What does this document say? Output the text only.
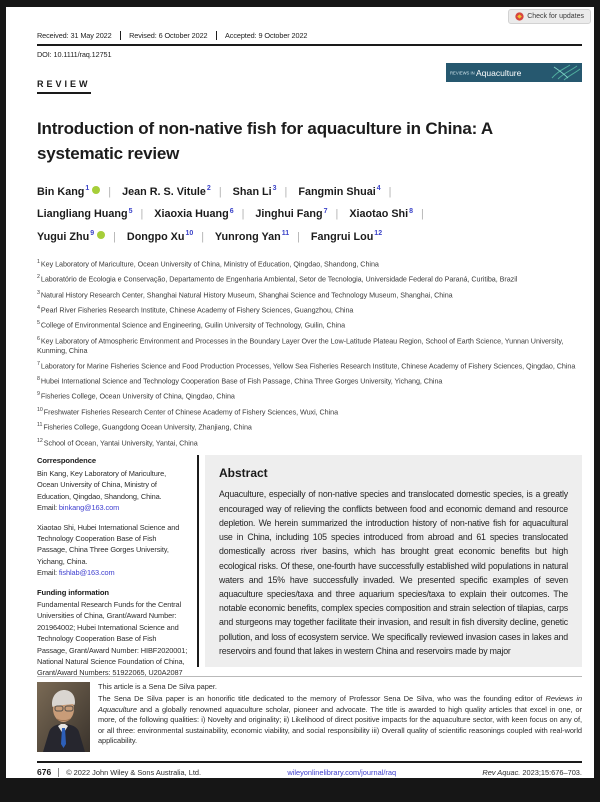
Check for updates
Received: 31 May 2022 Revised: 6 October 2022 Accepted: 9 October 2022
DOI: 10.1111/raq.12751
REVIEW
REVIEWS IN Aquaculture
Introduction of non-native fish for aquaculture in China: A systematic review
Bin Kang$^1$ | Jean R. S. Vitule$^2$ | Shan Li$^3$ | Fangmin Shuai$^4$ |
Liangliang Huang$^5$ | Xiaoxia Huang$^6$ | Jinghui Fang$^7$ | Xiaotao Shi$^8$ |
Yugui Zhu$^9$ | Dongpo Xu$^{10}$ | Yunrong Yan$^{11}$ | Fangrui Lou$^{12}$
$^1$Key Laboratory of Mariculture, Ocean University of China, Ministry of Education, Qingdao, Shandong, China
$^2$Laboratório de Ecologia e Conservação, Departamento de Engenharia Ambiental, Setor de Tecnologia, Universidade Federal do Paraná, Curitiba, Brazil
$^3$Natural History Research Center, Shanghai Natural History Museum, Shanghai Science and Technology Museum, Shanghai, China
$^4$Pearl River Fisheries Research Institute, Chinese Academy of Fishery Sciences, Guangzhou, China
$^5$College of Environmental Science and Engineering, Guilin University of Technology, Guilin, China
$^6$Key Laboratory of Atmospheric Environment and Processes in the Boundary Layer Over the Low-Latitude Plateau Region, School of Earth Science, Yunnan University, Kunming, China
$^7$Laboratory for Marine Fisheries Science and Food Production Processes, Yellow Sea Fisheries Research Institute, Chinese Academy of Fishery Sciences, Qingdao, China
$^8$Hubei International Science and Technology Cooperation Base of Fish Passage, China Three Gorges University, Yichang, China
$^9$Fisheries College, Ocean University of China, Qingdao, China
$^{10}$Freshwater Fisheries Research Center of Chinese Academy of Fishery Sciences, Wuxi, China
$^{11}$Fisheries College, Guangdong Ocean University, Zhanjiang, China
$^{12}$School of Ocean, Yantai University, Yantai, China
Correspondence

Bin Kang, Key Laboratory of Mariculture, Ocean University of China, Ministry of Education, Qingdao, Shandong, China.
Email: binkang@163.com

Xiaotao Shi, Hubei International Science and Technology Cooperation Base of Fish Passage, China Three Gorges University, Yichang, China.
Email: fishlab@163.com

Funding information

Fundamental Research Funds for the Central Universities of China, Grant/Award Number: 201964002; Hubei International Science and Technology Cooperation Base of Fish Passage, Grant/Award Number: HIBF2020001; National Natural Science Foundation of China, Grant/Award Numbers: 51922065, U20A2087

Abstract

Aquaculture, especially of non-native species and translocated domestic species, is a greatly encouraged way of relieving the conflicts between food and economic demand and resource depletion. We herein summarized the introduction history of non-native fish for aquacultural use in China, including 105 species introduced from abroad and 61 species translocated domestically across river basins, which has brought great economic benefits but high ecological risks. Of these, one-fourth have successfully established wild populations in natural waters and 15% have successfully invaded. We presented specific examples of seven aquaculture species/taxa and three aquarium species/taxa to explain their outcomes. The notable economic benefits, complex species composition and strain selection of tilapias, carps and sturgeons may together facilitate their invasion, and result in fish diversity decline, genetic pollution, and loss of ecosystem service. We specifically reviewed invasion cases in lakes and reservoirs and found that lakes in western China and reservoirs made by major

This article is a Sena De Silva paper.
The Sena De Silva paper is an honorific title dedicated to the memory of Professor Sena De Silva, who was the founding editor of Reviews in Aquaculture and a globally renowned aquaculture scholar, pioneer and advocate. The title is awarded to high quality articles that excel in one, or more, of the following qualities: i) Novelty and originality; ii) Likelihood of direct positive impacts for the aquaculture sector, with keen focus on any of, or all three: environmental sustainability, economic viability, and social responsibility iii) Overall quality of scientific reasonings coupled with real-world applicability.
676 © 2022 John Wiley & Sons Australia, Ltd.	wileyonlinelibrary.com/journal/raq	Rev Aquac. 2023;15:676–703.
